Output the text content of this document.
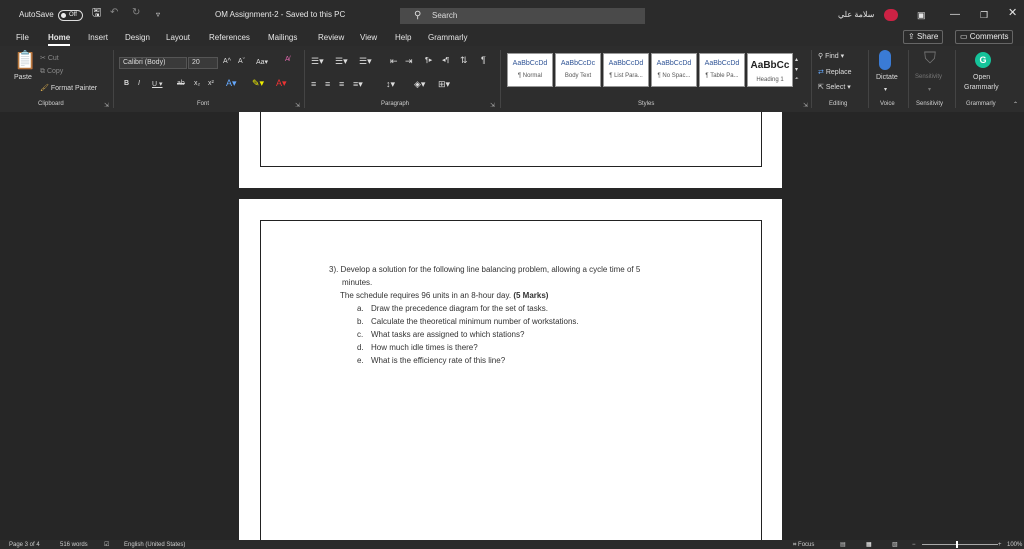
AutoSave	Off	🖫 ↶ ↻ ▿	OM Assignment-2 - Saved to this PC	⚲ Search	سلامة علي	▣ — ❐ ✕
File Home Insert Design Layout References Mailings	Review View Help Grammarly	⇪ Share	▭ Comments
📋
Paste
✂ Cut
⧉ Copy
🖌 Format Painter
Clipboard	⇲
Calibri (Body)	20	A^ Aˇ Aa▾ A̸
B I U ▾ ab x₂ x² A▾ ✎▾ A▾
Font	⇲
☰▾ ☰▾ ☰▾ ⇤ ⇥ ¶▸ ◂¶ ⇅ ¶
≡ ≡ ≡ ≡▾	↕▾ ◈▾ ⊞▾
Paragraph	⇲
AaBbCcDd
¶ Normal
AaBbCcDc
Body Text
AaBbCcDd
¶ List Para...
AaBbCcDd
¶ No Spac...
AaBbCcDd
¶ Table Pa...
AaBbCc
Heading 1
▴
▾
⩡
Styles	⇲
⚲ Find ▾
⇄ Replace
⇱ Select ▾
Editing
Dictate
▾
Voice
⛉
Sensitivity
▾
Sensitivity
G
Open
Grammarly
Grammarly	⌃
3). Develop a solution for the following line balancing problem, allowing a cycle time of 5
minutes.
The schedule requires 96 units in an 8-hour day. (5 Marks)
a. Draw the precedence diagram for the set of tasks.
b. Calculate the theoretical minimum number of workstations.
c. What tasks are assigned to which stations?
d. How much idle times is there?
e. What is the efficiency rate of this line?
Page 3 of 4	516 words	☑ English (United States)	⌗ Focus	▤	▦	▧ −	+ 100%
